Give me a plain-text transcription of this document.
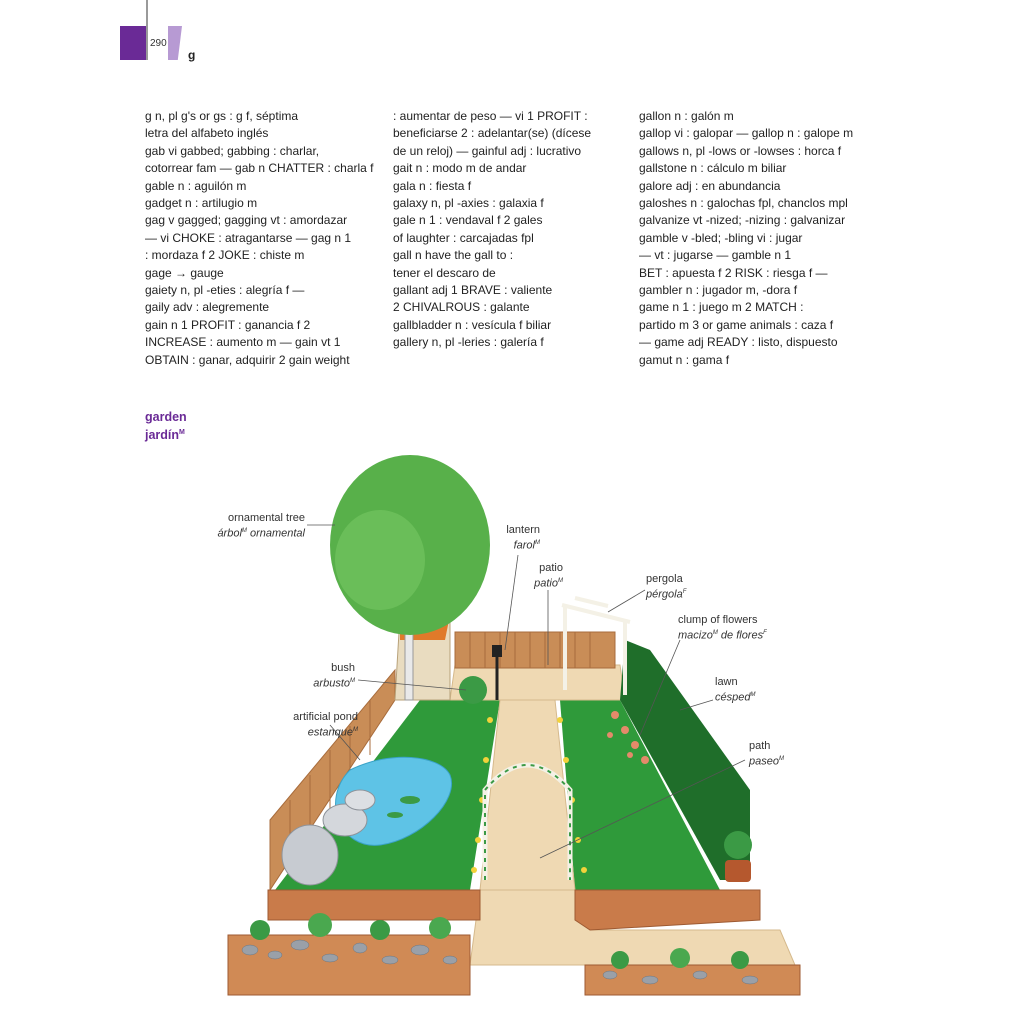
290
g

g n, pl g's or gs : g f, séptima

letra del alfabeto inglés

gab vi gabbed; gabbing : charlar,

cotorrear fam — gab n CHATTER : charla f

gable n : aguilón m

gadget n : artilugio m

gag v gagged; gagging vt : amordazar

— vi CHOKE : atragantarse — gag n 1

: mordaza f 2 JOKE : chiste m

gage → gauge

gaiety n, pl -eties : alegría f —

gaily adv : alegremente

gain n 1 PROFIT : ganancia f 2

INCREASE : aumento m — gain vt 1

OBTAIN : ganar, adquirir 2 gain weight

: aumentar de peso — vi 1 PROFIT :

beneficiarse 2 : adelantar(se) (dícese

de un reloj) — gainful adj : lucrativo

gait n : modo m de andar

gala n : fiesta f

galaxy n, pl -axies : galaxia f

gale n 1 : vendaval f 2 gales

of laughter : carcajadas fpl

gall n have the gall to :

tener el descaro de

gallant adj 1 BRAVE : valiente

2 CHIVALROUS : galante

gallbladder n : vesícula f biliar

gallery n, pl -leries : galería f

gallon n : galón m

gallop vi : galopar — gallop n : galope m

gallows n, pl -lows or -lowses : horca f

gallstone n : cálculo m biliar

galore adj : en abundancia

galoshes n : galochas fpl, chanclos mpl

galvanize vt -nized; -nizing : galvanizar

gamble v -bled; -bling vi : jugar

— vt : jugarse — gamble n 1

BET : apuesta f 2 RISK : riesga f —

gambler n : jugador m, -dora f

game n 1 : juego m 2 MATCH :

partido m 3 or game animals : caza f

— game adj READY : listo, dispuesto

gamut n : gama f

garden
jardín$^M$
ornamental tree
árbol$^M$ ornamental	lantern
farol$^M$
patio
patio$^M$	pergola
pérgola$^F$
clump of flowers
macizo$^M$ de flores$^F$
bush
arbusto$^M$	lawn
césped$^M$
artificial pond
estanque$^M$
path
paseo$^M$
